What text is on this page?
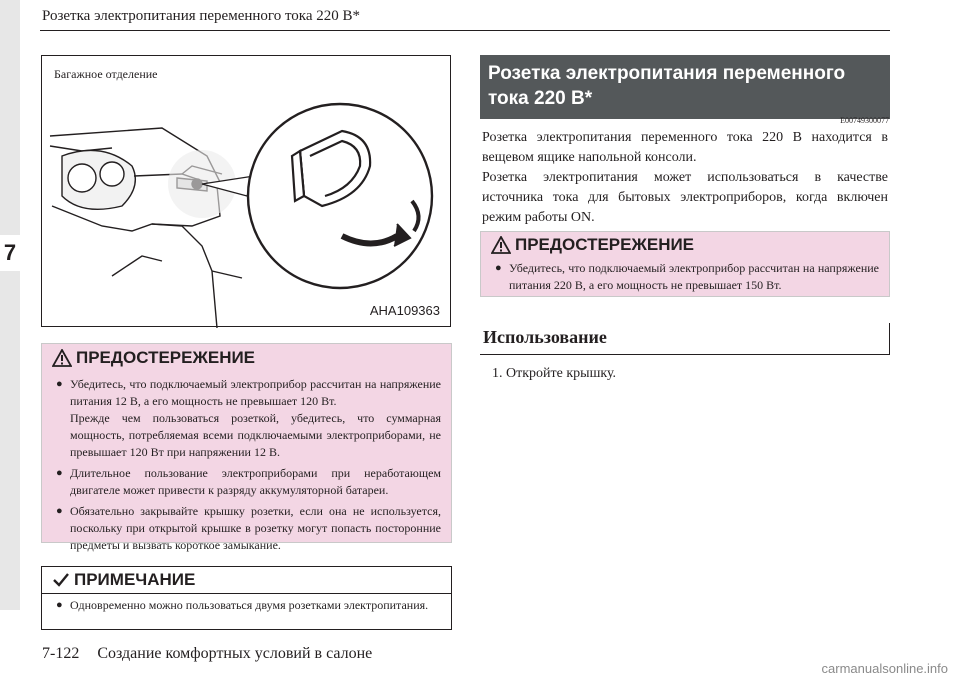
7
Розетка электропитания переменного тока 220 В*
Багажное отделение
AHA109363
ПРЕДОСТЕРЕЖЕНИЕ
● Убедитесь, что подключаемый электроприбор рассчитан на напряжение питания 12 В, а его мощность не превышает 120 Вт.
Прежде чем пользоваться розеткой, убедитесь, что суммарная мощность, потребляемая всеми подключаемыми электроприборами, не превышает 120 Вт при напряжении 12 В.
● Длительное пользование электроприборами при неработающем двигателе может привести к разряду аккумуляторной батареи.
● Обязательно закрывайте крышку розетки, если она не используется, поскольку при открытой крышке в розетку могут попасть посторонние предметы и вызвать короткое замыкание.
ПРИМЕЧАНИЕ
● Одновременно можно пользоваться двумя розетками электропитания.
Розетка электропитания переменного
тока 220 В*
E00749300077

Розетка электропитания переменного тока 220 В находится в вещевом ящике напольной консоли.

Розетка электропитания может использоваться в качестве источника тока для бытовых электроприборов, когда включен режим работы ON.

ПРЕДОСТЕРЕЖЕНИЕ
● Убедитесь, что подключаемый электроприбор рассчитан на напряжение питания 220 В, а его мощность не превышает 150 Вт.
Использование
1. Откройте крышку.
7-122 Создание комфортных условий в салоне
carmanualsonline.info
